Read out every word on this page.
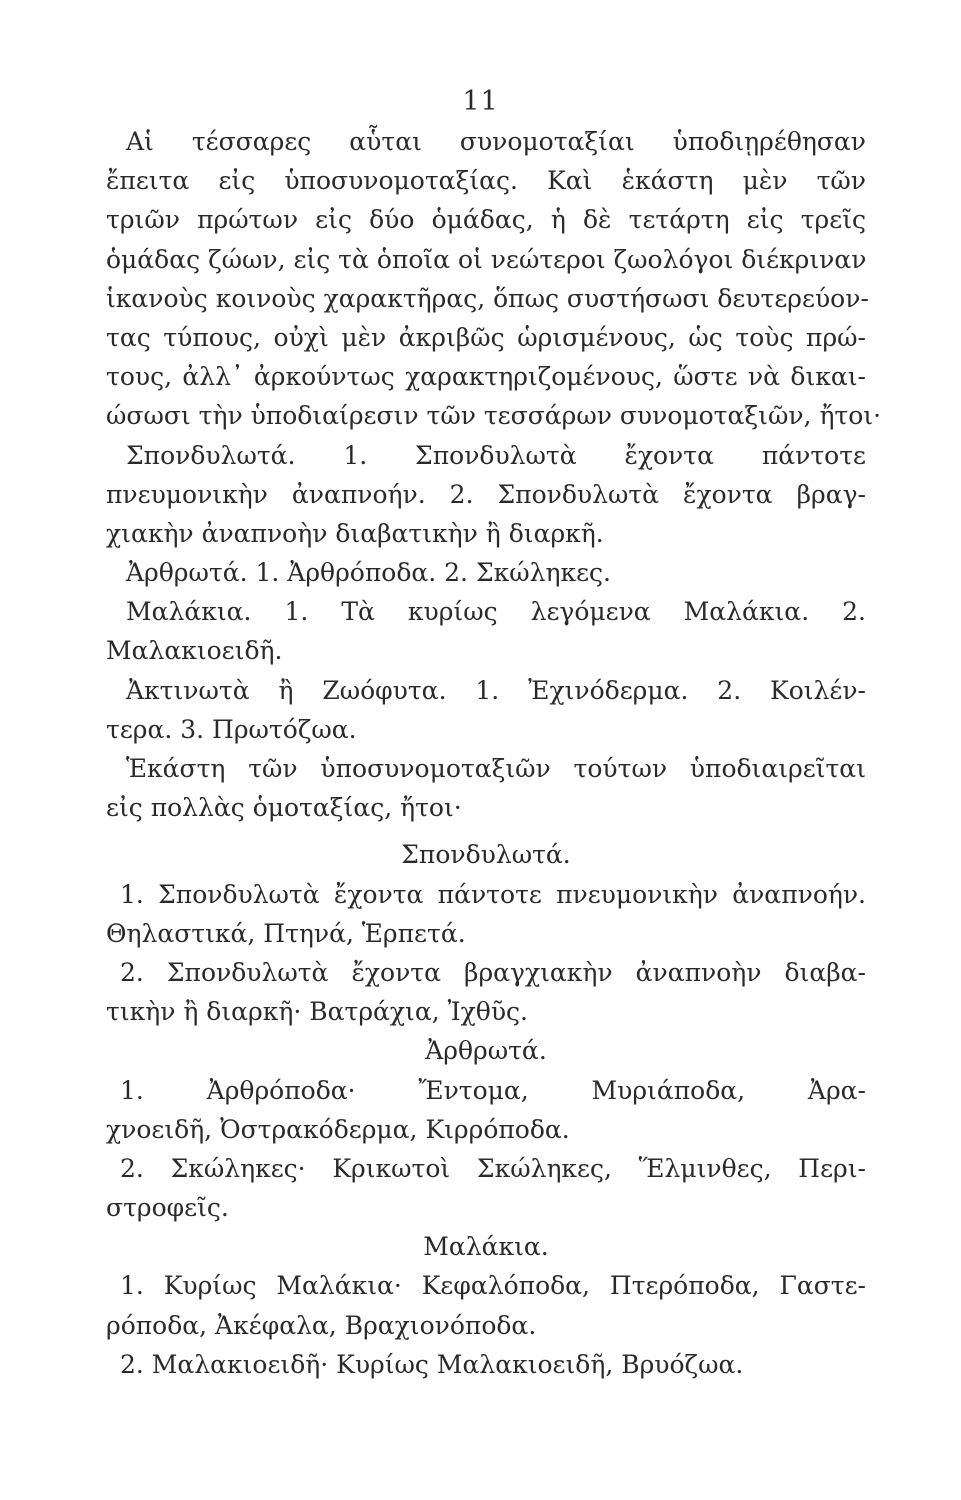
11
Αἱ τέσσαρες αὗται συνομοταξίαι ὑποδιῃρέθησαν
ἔπειτα εἰς ὑποσυνομοταξίας. Καὶ ἑκάστη μὲν τῶν
τριῶν πρώτων εἰς δύο ὁμάδας, ἡ δὲ τετάρτη εἰς τρεῖς
ὁμάδας ζώων, εἰς τὰ ὁποῖα οἱ νεώτεροι ζωολόγοι διέκριναν
ἱκανοὺς κοινοὺς χαρακτῆρας, ὅπως συστήσωσι δευτερεύον-
τας τύπους, οὐχὶ μὲν ἀκριβῶς ὡρισμένους, ὡς τοὺς πρώ-
τους, ἀλλ᾽ ἀρκούντως χαρακτηριζομένους, ὥστε νὰ δικαι-
ώσωσι τὴν ὑποδιαίρεσιν τῶν τεσσάρων συνομοταξιῶν, ἤτοι·
Σπονδυλωτά. 1. Σπονδυλωτὰ ἔχοντα πάντοτε
πνευμονικὴν ἀναπνοήν. 2. Σπονδυλωτὰ ἔχοντα βραγ-
χιακὴν ἀναπνοὴν διαβατικὴν ἢ διαρκῆ.
Ἀρθρωτά. 1. Ἀρθρόποδα. 2. Σκώληκες.
Μαλάκια. 1. Τὰ κυρίως λεγόμενα Μαλάκια. 2.
Μαλακιοειδῆ.
Ἀκτινωτὰ ἢ Ζωόφυτα. 1. Ἐχινόδερμα. 2. Κοιλέν-
τερα. 3. Πρωτόζωα.
Ἑκάστη τῶν ὑποσυνομοταξιῶν τούτων ὑποδιαιρεῖται
εἰς πολλὰς ὁμοταξίας, ἤτοι·
Σπονδυλωτά.
1. Σπονδυλωτὰ ἔχοντα πάντοτε πνευμονικὴν ἀναπνοήν.
Θηλαστικά, Πτηνά, Ἑρπετά.
2. Σπονδυλωτὰ ἔχοντα βραγχιακὴν ἀναπνοὴν διαβα-
τικὴν ἢ διαρκῆ· Βατράχια, Ἰχθῦς.
Ἀρθρωτά.
1. Ἀρθρόποδα· Ἔντομα, Μυριάποδα, Ἀρα-
χνοειδῆ, Ὀστρακόδερμα, Κιρρόποδα.
2. Σκώληκες· Κρικωτοὶ Σκώληκες, Ἕλμινθες, Περι-
στροφεῖς.
Μαλάκια.
1. Κυρίως Μαλάκια· Κεφαλόποδα, Πτερόποδα, Γαστε-
ρόποδα, Ἀκέφαλα, Βραχιονόποδα.
2. Μαλακιοειδῆ· Κυρίως Μαλακιοειδῆ, Βρυόζωα.
